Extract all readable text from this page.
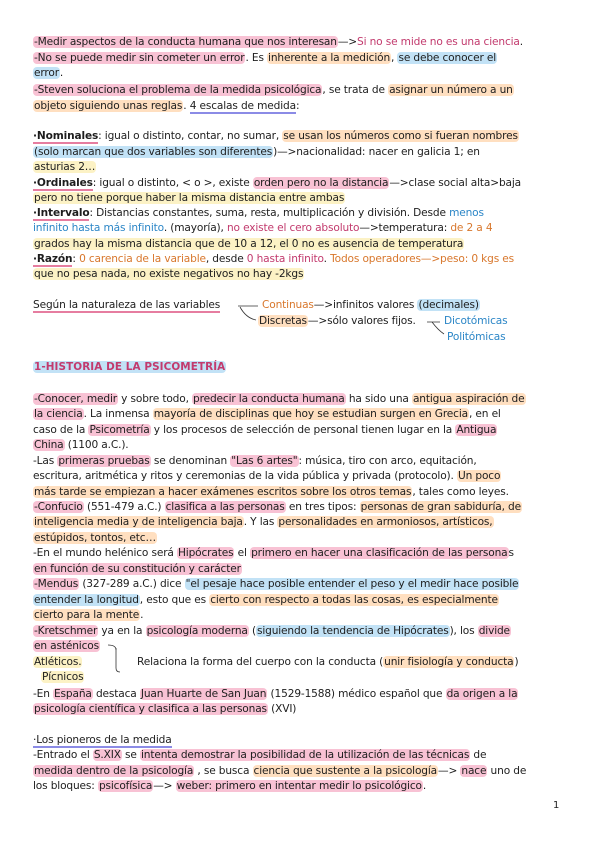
-Medir aspectos de la conducta humana que nos interesan—>Si no se mide no es una ciencia.
-No se puede medir sin cometer un error. Es inherente a la medición, se debe conocer el
error.
-Steven soluciona el problema de la medida psicológica, se trata de asignar un número a un
objeto siguiendo unas reglas. 4 escalas de medida:
·Nominales: igual o distinto, contar, no sumar, se usan los números como si fueran nombres
(solo marcan que dos variables son diferentes)—>nacionalidad: nacer en galicia 1; en
asturias 2…
·Ordinales: igual o distinto, < o >, existe orden pero no la distancia—>clase social alta>baja
pero no tiene porque haber la misma distancia entre ambas
·Intervalo: Distancias constantes, suma, resta, multiplicación y división. Desde menos
infinito hasta más infinito. (mayoría), no existe el cero absoluto—>temperatura: de 2 a 4
grados hay la misma distancia que de 10 a 12, el 0 no es ausencia de temperatura
·Razón: 0 carencia de la variable, desde 0 hasta infinito. Todos operadores—>peso: 0 kgs es
que no pesa nada, no existe negativos no hay -2kgs
Según la naturaleza de las variables	Continuas—>infinitos valores (decimales)
Discretas—>sólo valores fijos.	Dicotómicas
Politómicas
1-HISTORIA DE LA PSICOMETRÍA
-Conocer, medir y sobre todo, predecir la conducta humana ha sido una antigua aspiración de
la ciencia. La inmensa mayoría de disciplinas que hoy se estudian surgen en Grecia, en el
caso de la Psicometría y los procesos de selección de personal tienen lugar en la Antigua
China (1100 a.C.).
-Las primeras pruebas se denominan "Las 6 artes": música, tiro con arco, equitación,
escritura, aritmética y ritos y ceremonias de la vida pública y privada (protocolo). Un poco
más tarde se empiezan a hacer exámenes escritos sobre los otros temas, tales como leyes.
-Confucio (551-479 a.C.) clasifica a las personas en tres tipos: personas de gran sabiduría, de
inteligencia media y de inteligencia baja. Y las personalidades en armoniosos, artísticos,
estúpidos, tontos, etc…
-En el mundo helénico será Hipócrates el primero en hacer una clasificación de las personas
en función de su constitución y carácter
-Mendus (327-289 a.C.) dice "el pesaje hace posible entender el peso y el medir hace posible
entender la longitud, esto que es cierto con respecto a todas las cosas, es especialmente
cierto para la mente.
-Kretschmer ya en la psicología moderna (siguiendo la tendencia de Hipócrates), los divide
en asténicos
Atléticos.	Relaciona la forma del cuerpo con la conducta (unir fisiología y conducta)
Pícnicos
-En España destaca Juan Huarte de San Juan (1529-1588) médico español que da origen a la
psicología científica y clasifica a las personas (XVI)
·Los pioneros de la medida
-Entrado el S.XIX se intenta demostrar la posibilidad de la utilización de las técnicas de
medida dentro de la psicología , se busca ciencia que sustente a la psicología—> nace uno de
los bloques: psicofísica—> weber: primero en intentar medir lo psicológico.
1
